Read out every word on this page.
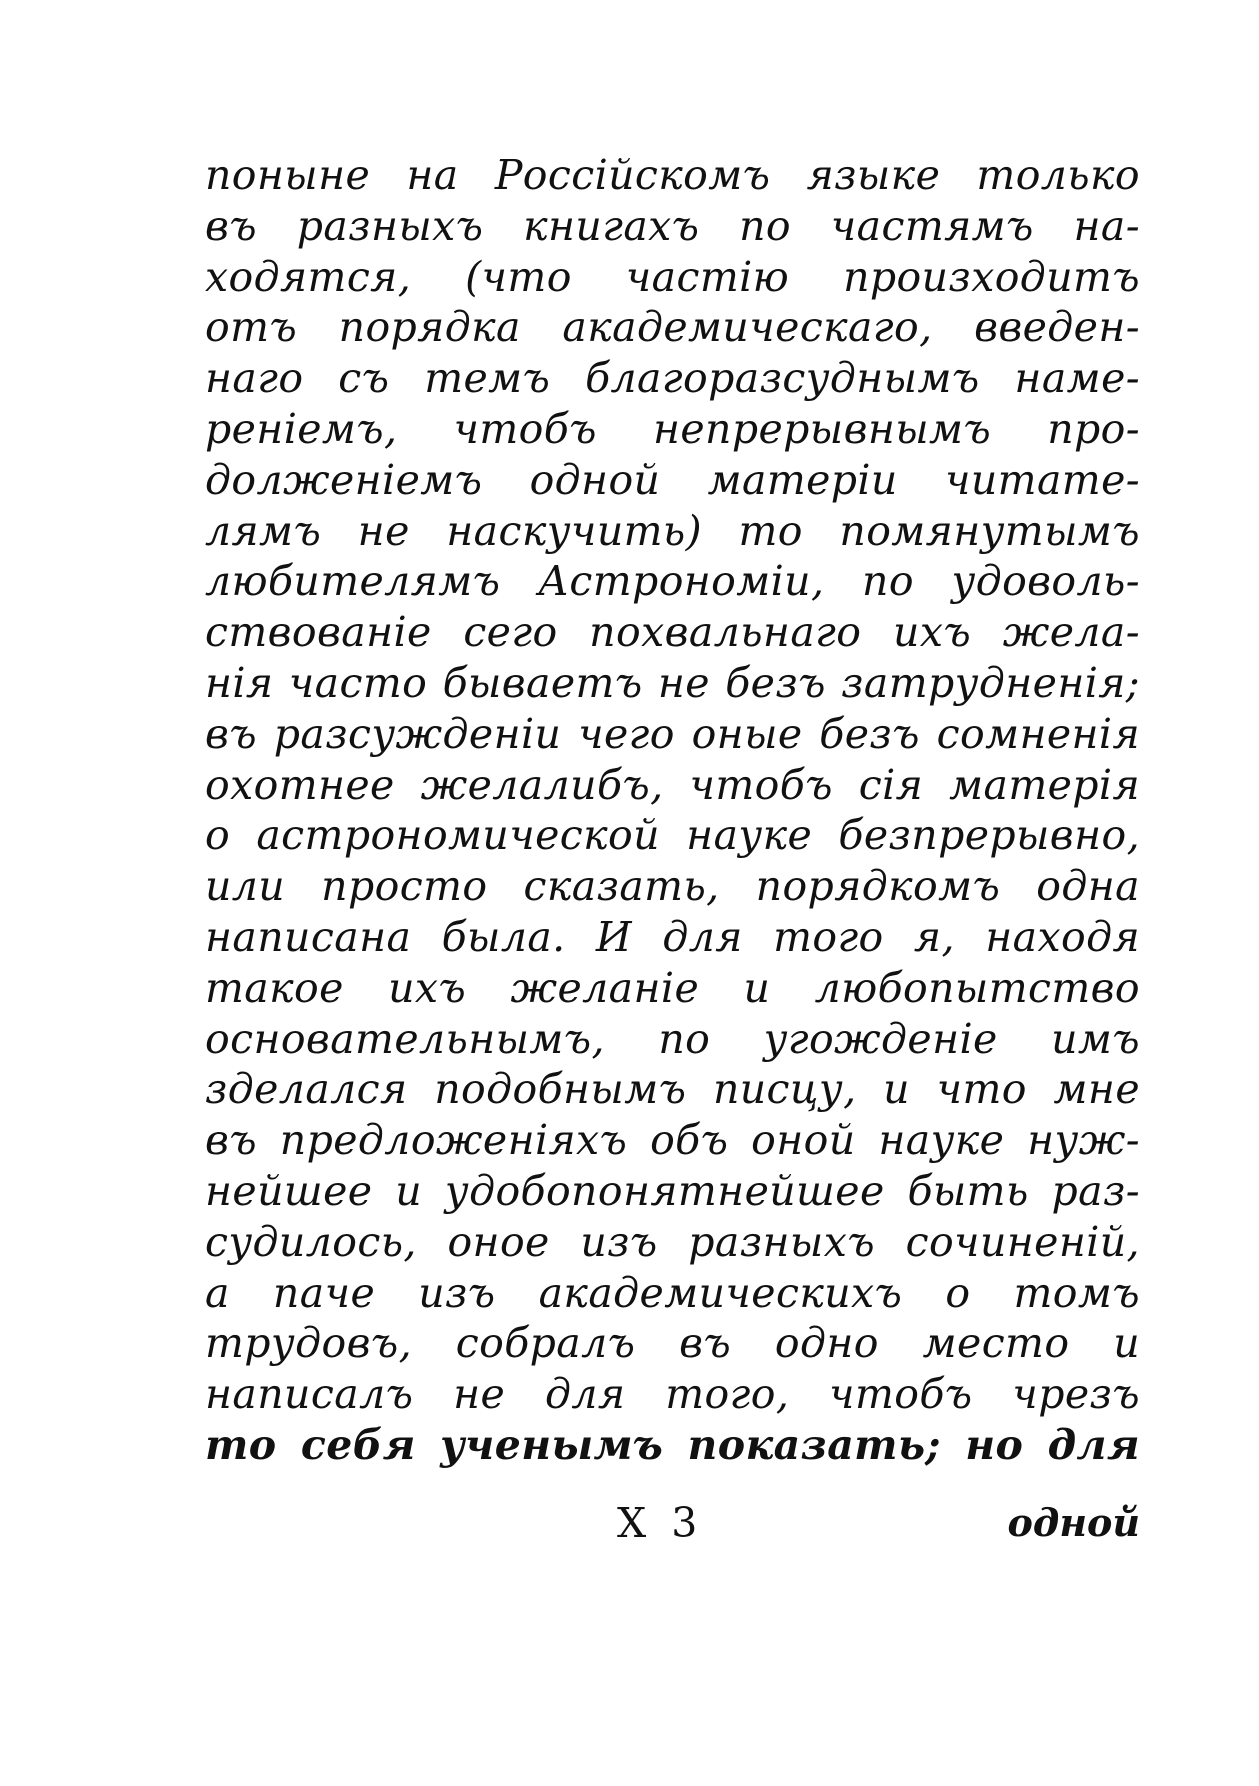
поныне на Россiйскомъ языке только
въ разныхъ книгахъ по частямъ на-
ходятся, (что частiю произходитъ
отъ порядка академическаго, введен-
наго съ темъ благоразсуднымъ наме-
ренiемъ, чтобъ непрерывнымъ про-
долженiемъ одной матерiи читате-
лямъ не наскучить) то помянутымъ
любителямъ Астрономiи, по удоволь-
ствованiе сего похвальнаго ихъ жела-
нiя часто бываетъ не безъ затрудненiя;
въ разсужденiи чего оные безъ сомненiя
охотнее желалибъ, чтобъ сiя матерiя
о астрономической науке безпрерывно,
или просто сказать, порядкомъ одна
написана была. И для того я, находя
такое ихъ желанiе и любопытство
основательнымъ, по угожденiе имъ
зделался подобнымъ писцу, и что мне
въ предложенiяхъ объ оной науке нуж-
нейшее и удобопонятнейшее быть раз-
судилось, оное изъ разныхъ сочиненiй,
а паче изъ академическихъ о томъ
трудовъ, собралъ въ одно место и
написалъ не для того, чтобъ чрезъ
то себя ученымъ показать; но для
X 3	одной
